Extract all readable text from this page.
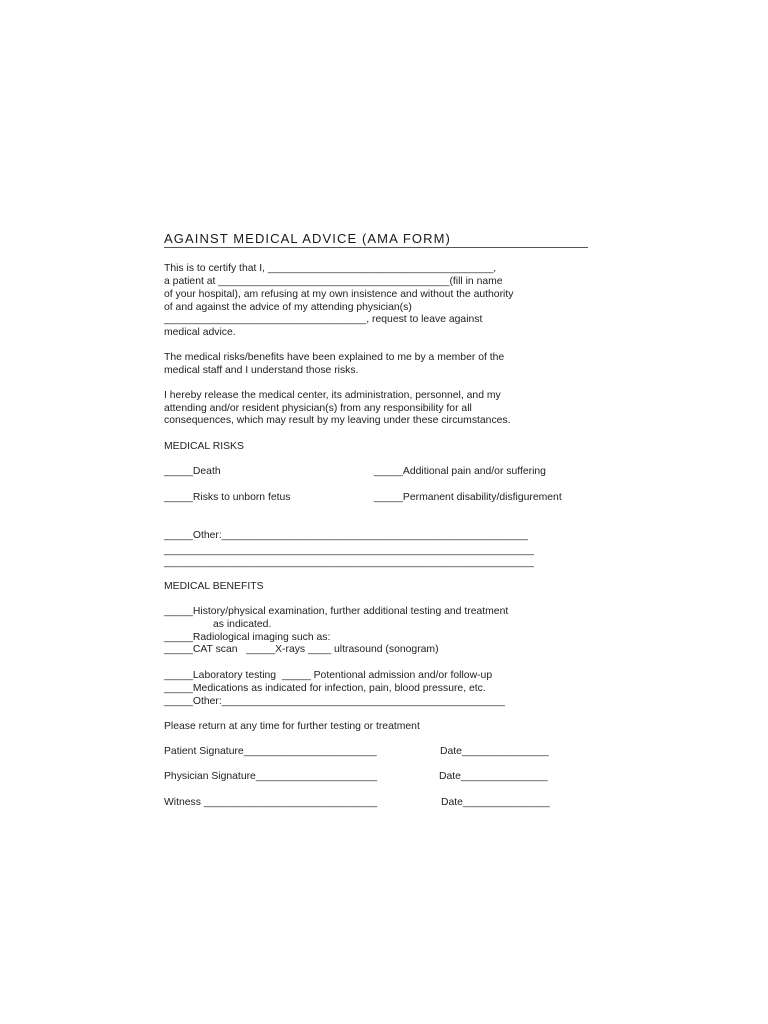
AGAINST MEDICAL ADVICE (AMA FORM)
This is to certify that I, _______________________________________,
a patient at ________________________________________(fill in name
of your hospital), am refusing at my own insistence and without the authority
of and against the advice of my attending physician(s)
___________________________________, request to leave against
medical advice.
The medical risks/benefits have been explained to me by a member of the
medical staff and I understand those risks.
I hereby release the medical center, its administration, personnel, and my
attending and/or resident physician(s) from any responsibility for all
consequences, which may result by my leaving under these circumstances.
MEDICAL RISKS
_____Death	_____Additional pain and/or suffering
_____Risks to unborn fetus	_____Permanent disability/disfigurement
_____Other:_____________________________________________________
________________________________________________________________
________________________________________________________________
MEDICAL BENEFITS
_____History/physical examination, further additional testing and treatment
as indicated.
_____Radiological imaging such as:
_____CAT scan   _____X-rays ____ ultrasound (sonogram)
_____Laboratory testing  _____ Potentional admission and/or follow-up
_____Medications as indicated for infection, pain, blood pressure, etc.
_____Other:_________________________________________________
Please return at any time for further testing or treatment
Patient Signature_______________________	Date_______________
Physician Signature_____________________	Date_______________
Witness ______________________________	Date_______________
